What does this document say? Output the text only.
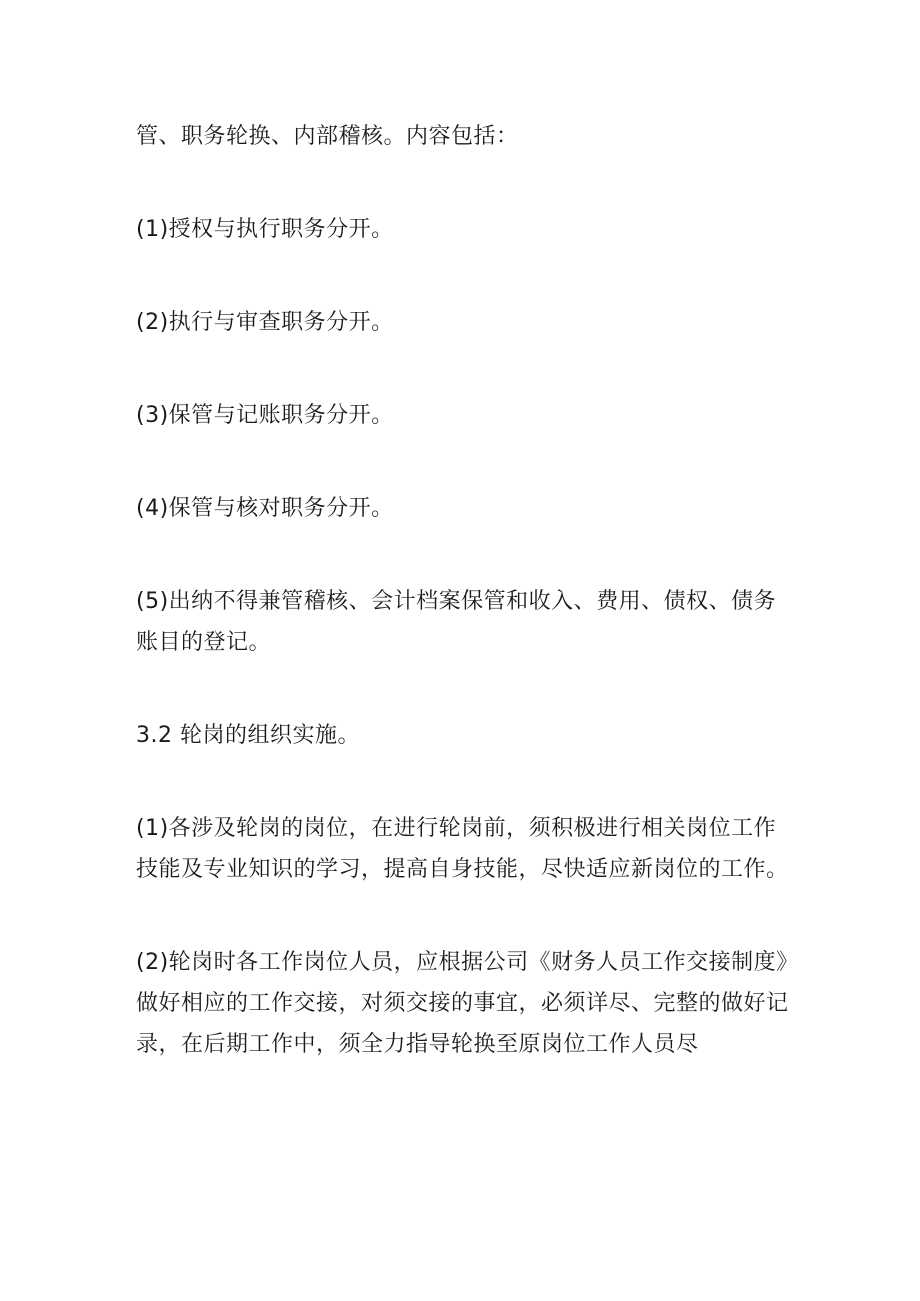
管、职务轮换、内部稽核。内容包括：

(1)授权与执行职务分开。

(2)执行与审查职务分开。

(3)保管与记账职务分开。

(4)保管与核对职务分开。

(5)出纳不得兼管稽核、会计档案保管和收入、费用、债权、债务账目的登记。

3.2 轮岗的组织实施。

(1)各涉及轮岗的岗位，在进行轮岗前，须积极进行相关岗位工作技能及专业知识的学习，提高自身技能，尽快适应新岗位的工作。

(2)轮岗时各工作岗位人员，应根据公司《财务人员工作交接制度》做好相应的工作交接，对须交接的事宜，必须详尽、完整的做好记录，在后期工作中，须全力指导轮换至原岗位工作人员尽
